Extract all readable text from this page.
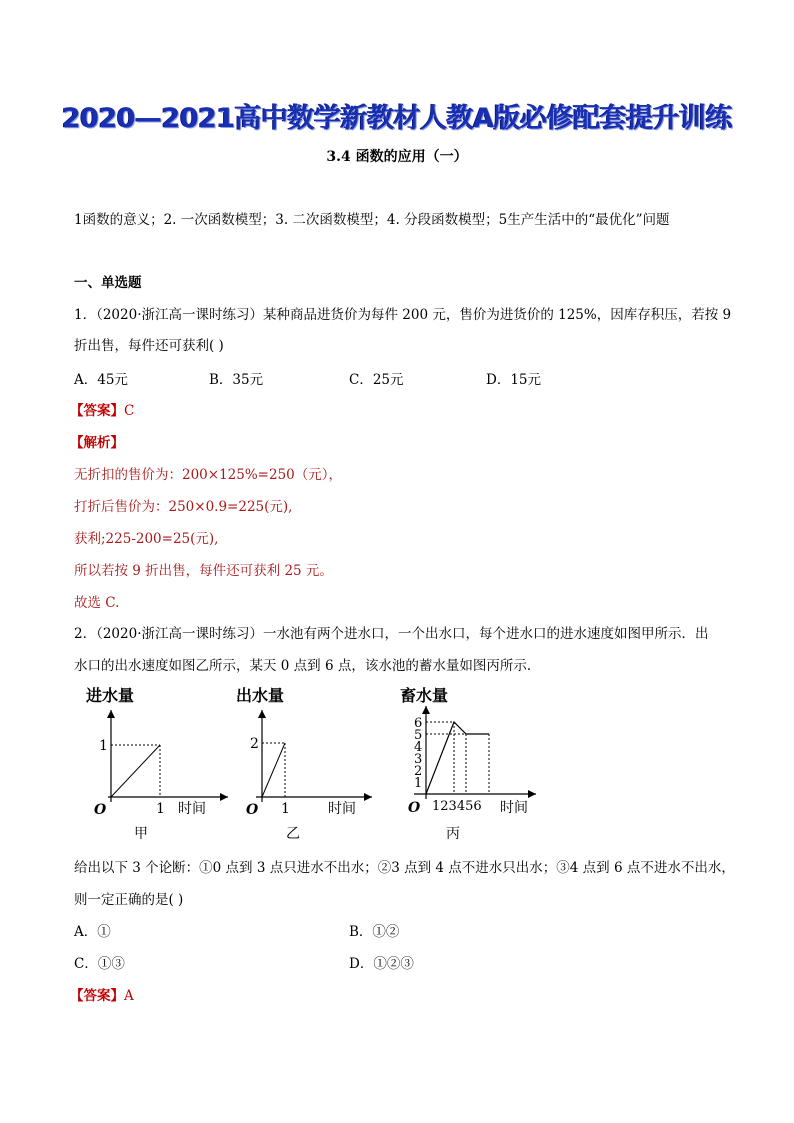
2020—2021高中数学新教材人教A版必修配套提升训练
3.4 函数的应用（一）
1函数的意义；2. 一次函数模型；3. 二次函数模型；4. 分段函数模型；5生产生活中的“最优化”问题
一、单选题
1．（2020·浙江高一课时练习）某种商品进货价为每件 200 元，售价为进货价的 125%，因库存积压，若按 9
折出售，每件还可获利( )
A．45元	B．35元	C．25元	D．15元
【答案】C
【解析】
无折扣的售价为：200×125%=250（元），
打折后售价为：250×0.9=225(元),
获利;225-200=25(元),
所以若按 9 折出售，每件还可获利 25 元。
故选 C.
2．（2020·浙江高一课时练习）一水池有两个进水口，一个出水口，每个进水口的进水速度如图甲所示．出
水口的出水速度如图乙所示，某天 0 点到 6 点，该水池的蓄水量如图丙所示．
进水量
1
1
O	时间
甲
出水量
2
1
O	时间
乙
畜水量
6
5
4
3
2
1
123456
O	时间
丙
给出以下 3 个论断：①0 点到 3 点只进水不出水；②3 点到 4 点不进水只出水；③4 点到 6 点不进水不出水，
则一定正确的是( )
A．①	B．①②
C．①③	D．①②③
【答案】A
